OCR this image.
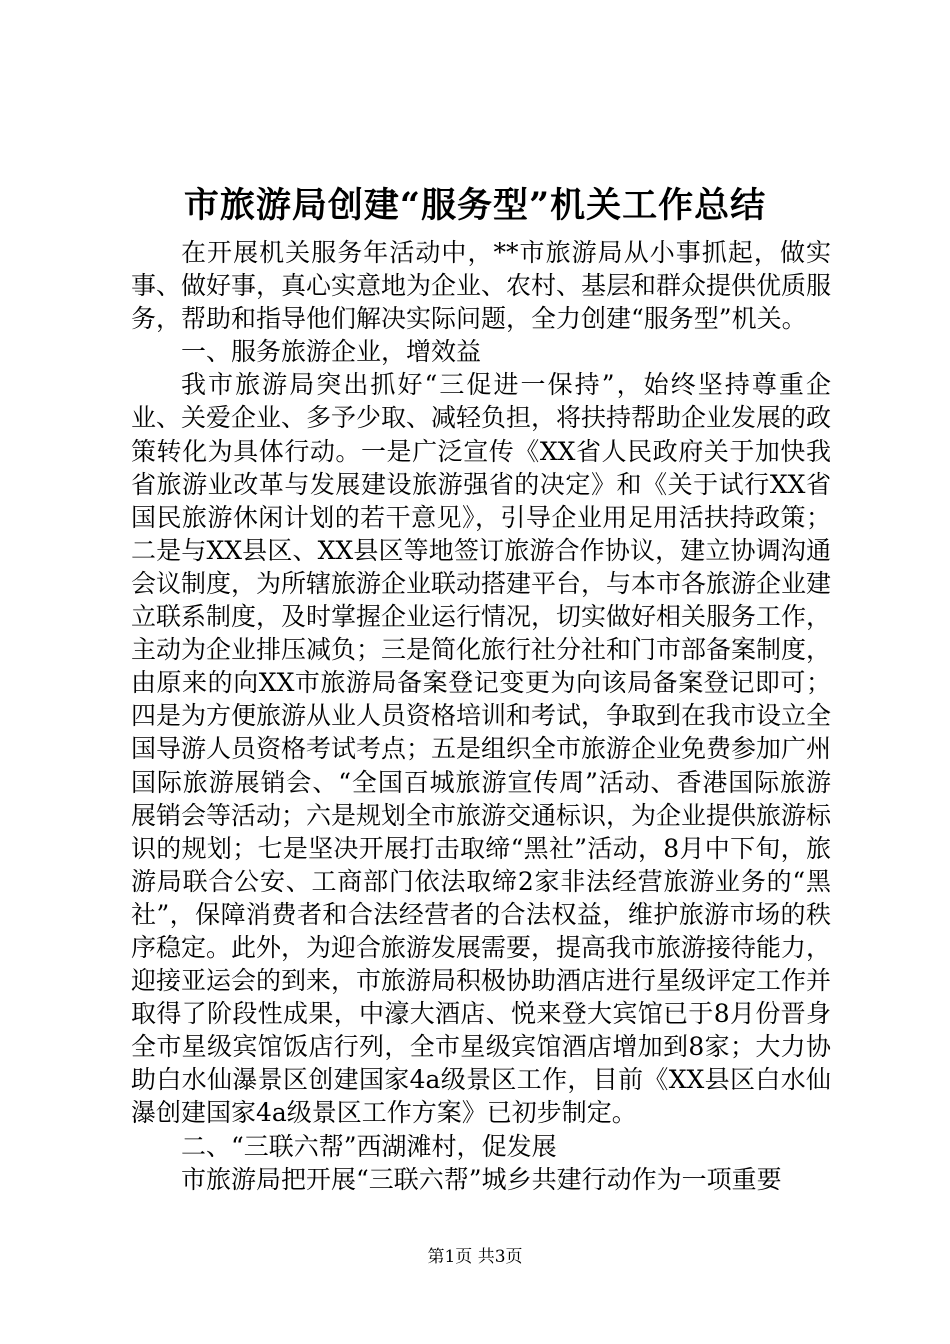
市旅游局创建“服务型”机关工作总结

在开展机关服务年活动中，**市旅游局从小事抓起，做实事、做好事，真心实意地为企业、农村、基层和群众提供优质服务，帮助和指导他们解决实际问题，全力创建“服务型”机关。

一、服务旅游企业，增效益

我市旅游局突出抓好“三促进一保持”，始终坚持尊重企业、关爱企业、多予少取、减轻负担，将扶持帮助企业发展的政策转化为具体行动。一是广泛宣传《XX省人民政府关于加快我省旅游业改革与发展建设旅游强省的决定》和《关于试行XX省国民旅游休闲计划的若干意见》，引导企业用足用活扶持政策；二是与XX县区、XX县区等地签订旅游合作协议，建立协调沟通会议制度，为所辖旅游企业联动搭建平台，与本市各旅游企业建立联系制度，及时掌握企业运行情况，切实做好相关服务工作，主动为企业排压减负；三是简化旅行社分社和门市部备案制度，由原来的向XX市旅游局备案登记变更为向该局备案登记即可；四是为方便旅游从业人员资格培训和考试，争取到在我市设立全国导游人员资格考试考点；五是组织全市旅游企业免费参加广州国际旅游展销会、“全国百城旅游宣传周”活动、香港国际旅游展销会等活动；六是规划全市旅游交通标识，为企业提供旅游标识的规划；七是坚决开展打击取缔“黑社”活动，8月中下旬，旅游局联合公安、工商部门依法取缔2家非法经营旅游业务的“黑社”，保障消费者和合法经营者的合法权益，维护旅游市场的秩序稳定。此外，为迎合旅游发展需要，提高我市旅游接待能力，迎接亚运会的到来，市旅游局积极协助酒店进行星级评定工作并取得了阶段性成果，中濠大酒店、悦来登大宾馆已于8月份晋身全市星级宾馆饭店行列，全市星级宾馆酒店增加到8家；大力协助白水仙瀑景区创建国家4a级景区工作，目前《XX县区白水仙瀑创建国家4a级景区工作方案》已初步制定。

二、“三联六帮”西湖滩村，促发展

市旅游局把开展“三联六帮”城乡共建行动作为一项重要

第1页 共3页
